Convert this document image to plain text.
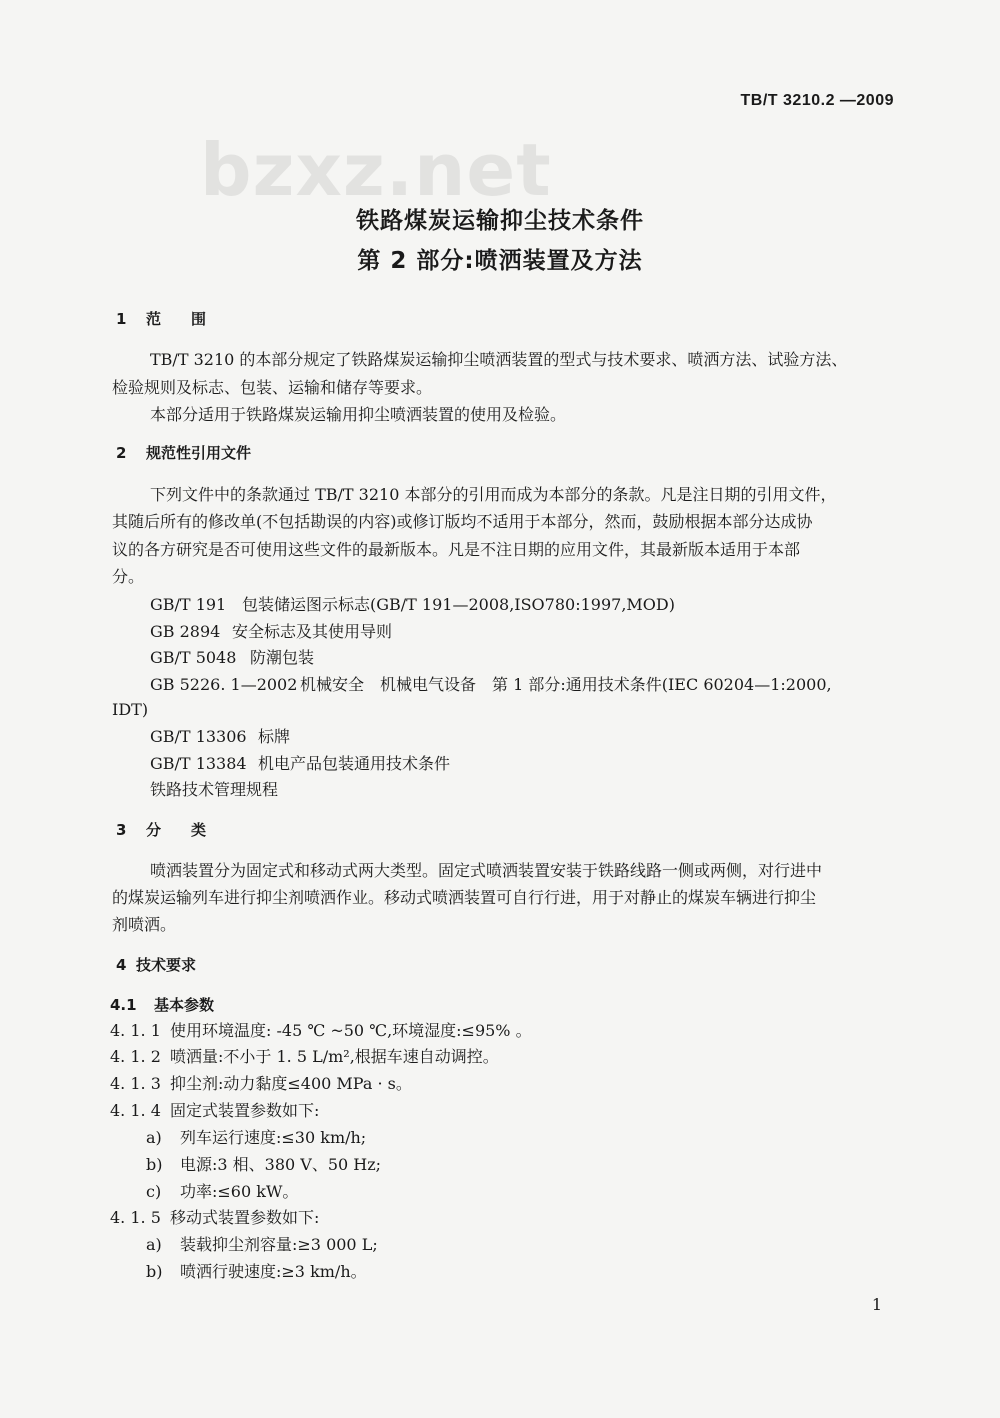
TB/T 3210.2 —2009
bzxz.net
铁路煤炭运输抑尘技术条件
第 2 部分:喷洒装置及方法
1 范　　围
TB/T 3210 的本部分规定了铁路煤炭运输抑尘喷洒装置的型式与技术要求、喷洒方法、试验方法、
检验规则及标志、包装、运输和储存等要求。
本部分适用于铁路煤炭运输用抑尘喷洒装置的使用及检验。
2 规范性引用文件
下列文件中的条款通过 TB/T 3210 本部分的引用而成为本部分的条款。凡是注日期的引用文件，
其随后所有的修改单(不包括勘误的内容)或修订版均不适用于本部分，然而，鼓励根据本部分达成协
议的各方研究是否可使用这些文件的最新版本。凡是不注日期的应用文件，其最新版本适用于本部
分。
GB/T 191 包装储运图示标志(GB/T 191—2008,ISO780:1997,MOD)
GB 2894 安全标志及其使用导则
GB/T 5048 防潮包装
GB 5226. 1—2002 机械安全　机械电气设备　第 1 部分:通用技术条件(IEC 60204—1:2000,
IDT)
GB/T 13306 标牌
GB/T 13384 机电产品包装通用技术条件
铁路技术管理规程
3 分　　类
喷洒装置分为固定式和移动式两大类型。固定式喷洒装置安装于铁路线路一侧或两侧，对行进中
的煤炭运输列车进行抑尘剂喷洒作业。移动式喷洒装置可自行行进，用于对静止的煤炭车辆进行抑尘
剂喷洒。
4 技术要求
4.1 基本参数
4. 1. 1 使用环境温度: -45 ℃ ~50 ℃,环境湿度:≤95% 。
4. 1. 2 喷洒量:不小于 1. 5 L/m²,根据车速自动调控。
4. 1. 3 抑尘剂:动力黏度≤400 MPa · s。
4. 1. 4 固定式装置参数如下:
a) 列车运行速度:≤30 km/h;
b) 电源:3 相、380 V、50 Hz;
c) 功率:≤60 kW。
4. 1. 5 移动式装置参数如下:
a) 装载抑尘剂容量:≥3 000 L;
b) 喷洒行驶速度:≥3 km/h。
1
